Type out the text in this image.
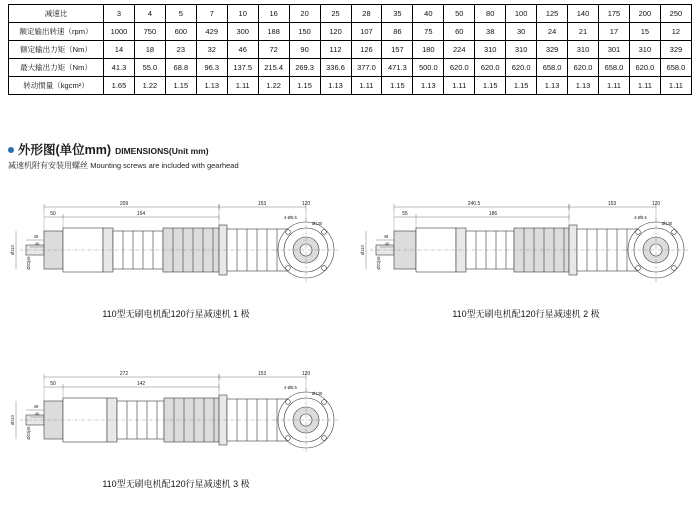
减速比	3	4	5	7	10	16	20	25	28	35	40	50	80	100	125	140	175	200	250
额定输出转速（rpm）	1000	750	600	429	300	188	150	120	107	86	75	60	38	30	24	21	17	15	12
额定输出力矩（Nm）	14	18	23	32	46	72	90	112	126	157	180	224	310	310	329	310	301	310	329
最大输出力矩（Nm）	41.3	55.0	68.8	96.3	137.5	215.4	269.3	336.6	377.0	471.3	500.0	620.0	620.0	620.0	658.0	620.0	658.0	620.0	658.0
转动惯量（kgcm²）	1.65	1.22	1.15	1.13	1.11	1.22	1.15	1.13	1.11	1.15	1.13	1.11	1.15	1.15	1.13	1.13	1.11	1.11	1.11
外形图(单位mm) DIMENSIONS(Unit mm)
减速机附有安装用螺丝 Mounting screws are included with gearhead
209
154
153
50
49
40
Ø22js6
Ø110
120
4-Ø8.5
Ø130
110型无刷电机配120行星减速机 1 极
240.5
186
153
55
49
40
Ø22js6
Ø110
120
4-Ø8.5
Ø130
110型无刷电机配120行星减速机 2 极
272
142
153
50
49
40
Ø22js6
Ø110
120
4-Ø8.5
Ø130
110型无刷电机配120行星减速机 3 极
